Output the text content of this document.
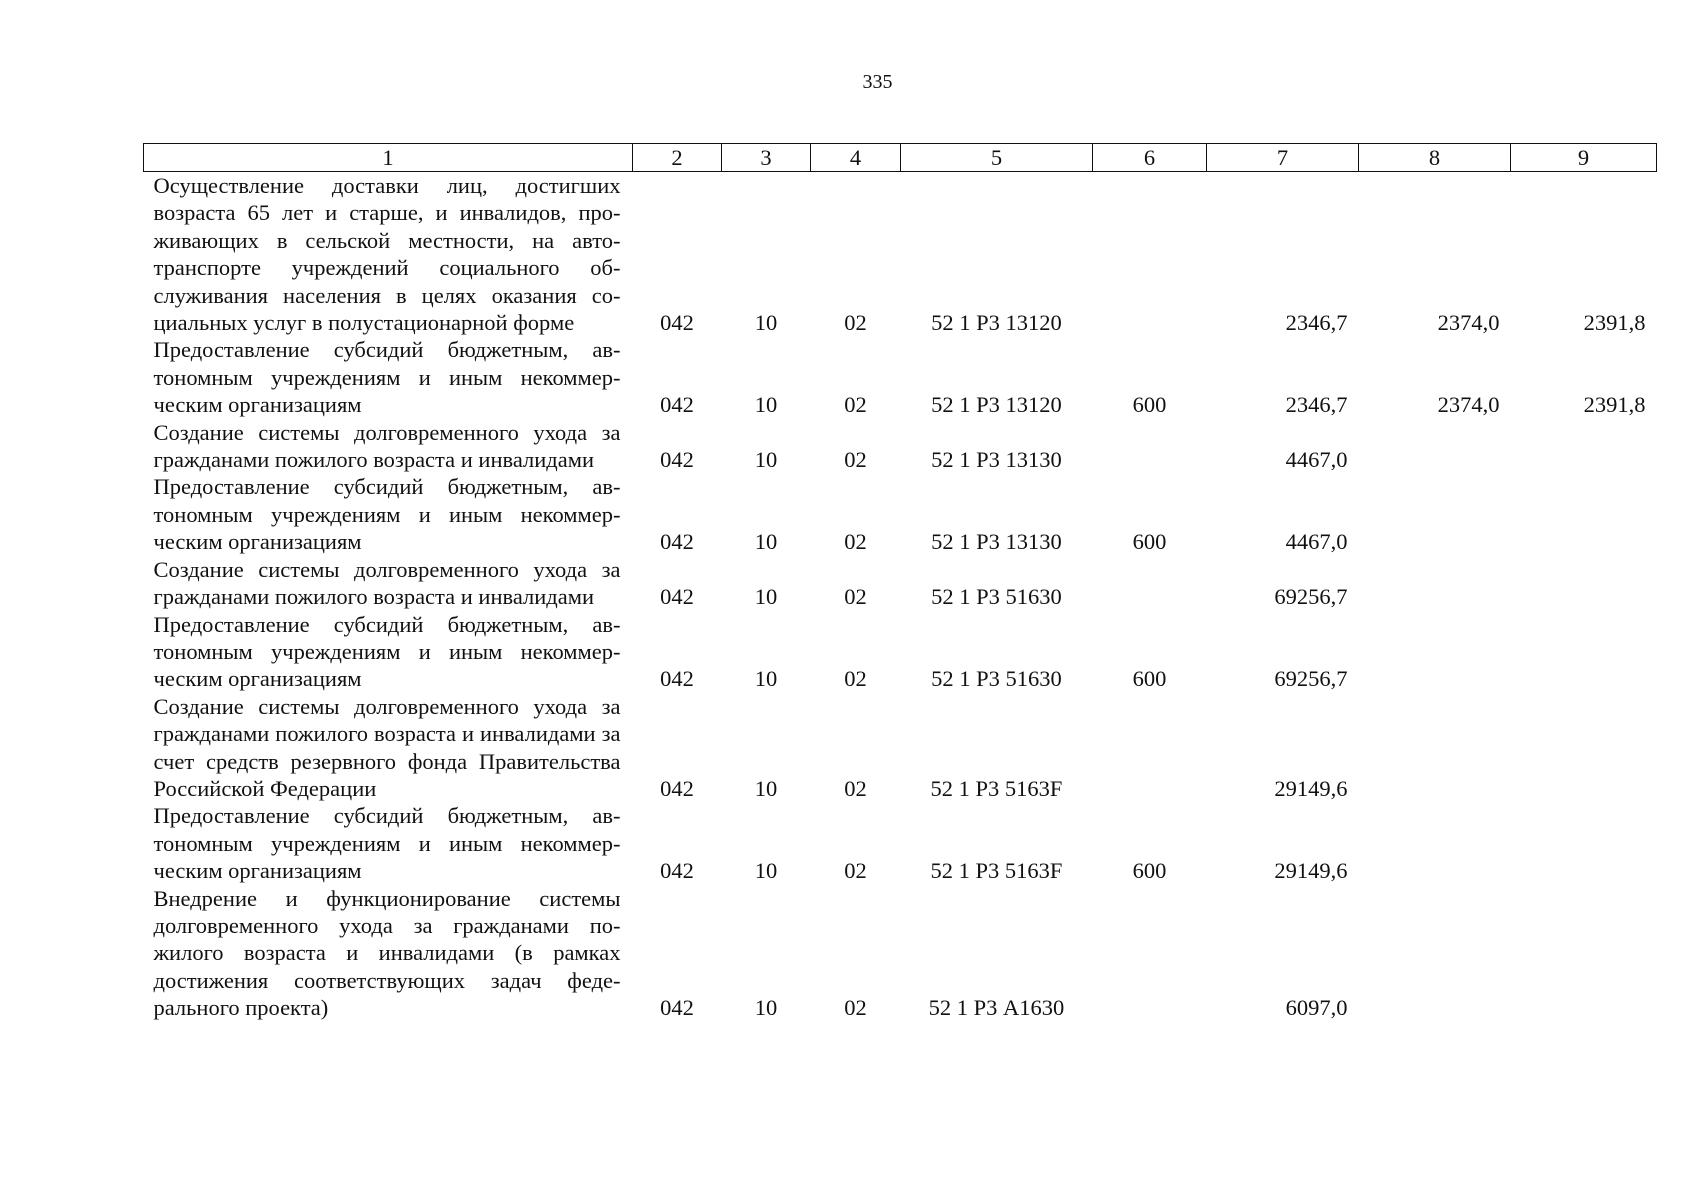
335
1	2	3	4	5	6	7	8	9
Осуществление доставки лиц, достигших возраста 65 лет и старше, и инвалидов, проживающих в сельской местности, на автотранспорте учреждений социального обслуживания населения в целях оказания социальных услуг в полустационарной форме	042	10	02	52 1 Р3 13120		2346,7	2374,0	2391,8
Предоставление субсидий бюджетным, автономным учреждениям и иным некоммерческим организациям	042	10	02	52 1 Р3 13120	600	2346,7	2374,0	2391,8
Создание системы долговременного ухода за гражданами пожилого возраста и инвалидами	042	10	02	52 1 Р3 13130		4467,0		
Предоставление субсидий бюджетным, автономным учреждениям и иным некоммерческим организациям	042	10	02	52 1 Р3 13130	600	4467,0		
Создание системы долговременного ухода за гражданами пожилого возраста и инвалидами	042	10	02	52 1 Р3 51630		69256,7		
Предоставление субсидий бюджетным, автономным учреждениям и иным некоммерческим организациям	042	10	02	52 1 Р3 51630	600	69256,7		
Создание системы долговременного ухода за гражданами пожилого возраста и инвалидами за счет средств резервного фонда Правительства Российской Федерации	042	10	02	52 1 Р3 5163F		29149,6		
Предоставление субсидий бюджетным, автономным учреждениям и иным некоммерческим организациям	042	10	02	52 1 Р3 5163F	600	29149,6		
Внедрение и функционирование системы долговременного ухода за гражданами пожилого возраста и инвалидами (в рамках достижения соответствующих задач федерального проекта)	042	10	02	52 1 Р3 А1630		6097,0		
